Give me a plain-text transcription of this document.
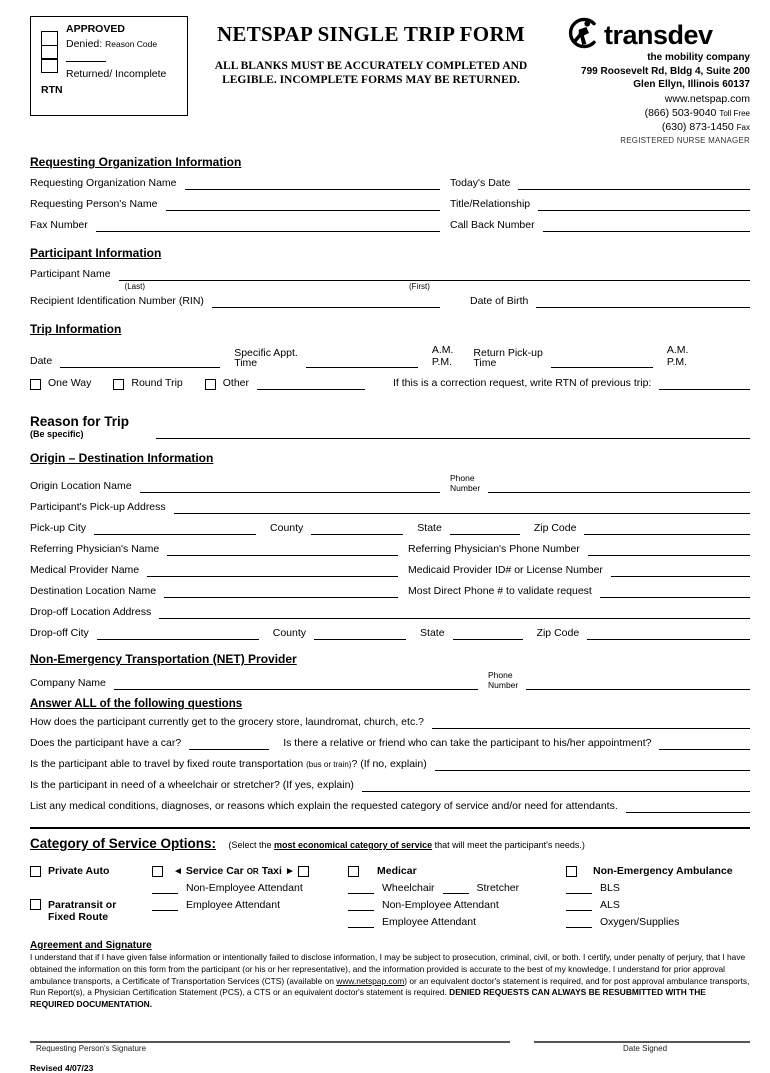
APPROVED
Denied: Reason Code
Returned/ Incomplete
RTN
NETSPAP SINGLE TRIP FORM
ALL BLANKS MUST BE ACCURATELY COMPLETED AND LEGIBLE. INCOMPLETE FORMS MAY BE RETURNED.
transdev
the mobility company
799 Roosevelt Rd, Bldg 4, Suite 200
Glen Ellyn, Illinois 60137
www.netspap.com
(866) 503-9040 Toll Free
(630) 873-1450 Fax
REGISTERED NURSE MANAGER
Requesting Organization Information
Requesting Organization Name	Today's Date
Requesting Person's Name	Title/Relationship
Fax Number	Call Back Number
Participant Information
Participant Name
(Last)	(First)
Recipient Identification Number (RIN)	Date of Birth
Trip Information
Date
Specific Appt.
Time
A.M.
P.M.
Return Pick-up
Time
A.M.
P.M.
One Way	Round Trip	Other	If this is a correction request, write RTN of previous trip:
Reason for Trip
(Be specific)
Origin – Destination Information
Origin Location Name
Phone
Number
Participant's Pick-up Address
Pick-up City	County	State	Zip Code
Referring Physician's Name	Referring Physician's Phone Number
Medical Provider Name	Medicaid Provider ID# or License Number
Destination Location Name	Most Direct Phone # to validate request
Drop-off Location Address
Drop-off City	County	State	Zip Code
Non-Emergency Transportation (NET) Provider
Company Name
Phone
Number
Answer ALL of the following questions
How does the participant currently get to the grocery store, laundromat, church, etc.?
Does the participant have a car?	Is there a relative or friend who can take the participant to his/her appointment?
Is the participant able to travel by fixed route transportation (bus or train)? (If no, explain)
Is the participant in need of a wheelchair or stretcher? (If yes, explain)
List any medical conditions, diagnoses, or reasons which explain the requested category of service and/or need for attendants.
Category of Service Options: (Select the most economical category of service that will meet the participant's needs.)
Private Auto
Paratransit or
Fixed Route
◄ Service Car OR Taxi ►
Non-Employee Attendant
Employee Attendant
Medicar
Wheelchair	Stretcher
Non-Employee Attendant
Employee Attendant
Non-Emergency Ambulance
BLS
ALS
Oxygen/Supplies
Agreement and Signature
I understand that if I have given false information or intentionally failed to disclose information, I may be subject to prosecution, criminal, civil, or both. I certify, under penalty of perjury, that I have obtained the information on this form from the participant (or his or her representative), and the information provided is accurate to the best of my knowledge. I understand for prior approval ambulance transports, a Certificate of Transportation Services (CTS) (available on www.netspap.com) or an equivalent doctor's statement is required, and for post approval ambulance transports, Run Report(s), a Physician Certification Statement (PCS), a CTS or an equivalent doctor's statement is required. DENIED REQUESTS CAN ALWAYS BE RESUBMITTED WITH THE REQUIRED DOCUMENTATION.
Requesting Person's Signature	Date Signed
Revised 4/07/23
